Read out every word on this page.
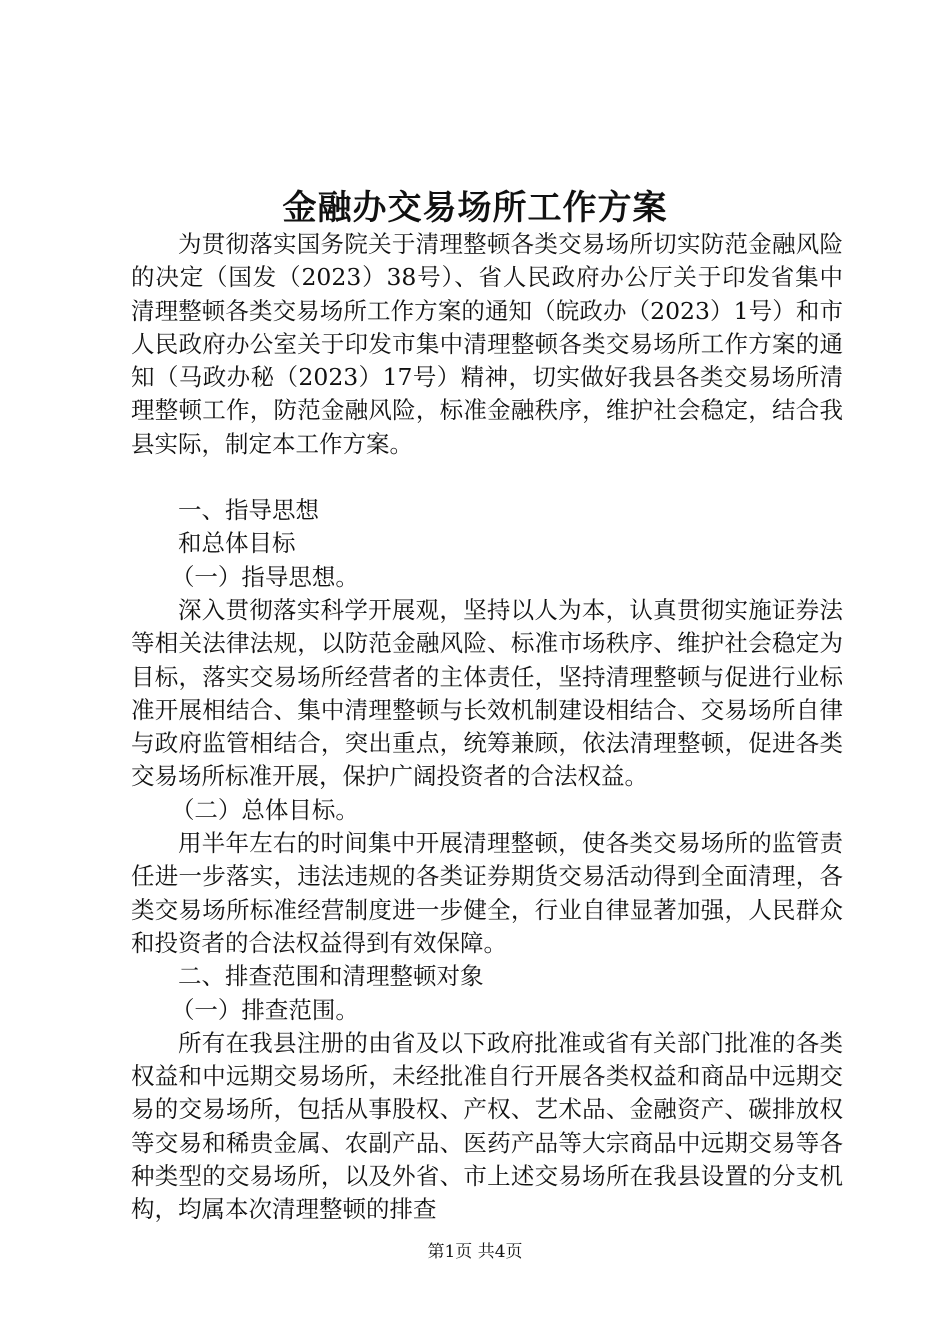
金融办交易场所工作方案

为贯彻落实国务院关于清理整顿各类交易场所切实防范金融风险的决定（国发（2023）38号）、省人民政府办公厅关于印发省集中清理整顿各类交易场所工作方案的通知（皖政办（2023）1号）和市人民政府办公室关于印发市集中清理整顿各类交易场所工作方案的通知（马政办秘（2023）17号）精神，切实做好我县各类交易场所清理整顿工作，防范金融风险，标准金融秩序，维护社会稳定，结合我县实际，制定本工作方案。

一、指导思想

和总体目标

（一）指导思想。

深入贯彻落实科学开展观，坚持以人为本，认真贯彻实施证券法等相关法律法规，以防范金融风险、标准市场秩序、维护社会稳定为目标，落实交易场所经营者的主体责任，坚持清理整顿与促进行业标准开展相结合、集中清理整顿与长效机制建设相结合、交易场所自律与政府监管相结合，突出重点，统筹兼顾，依法清理整顿，促进各类交易场所标准开展，保护广阔投资者的合法权益。

（二）总体目标。

用半年左右的时间集中开展清理整顿，使各类交易场所的监管责任进一步落实，违法违规的各类证券期货交易活动得到全面清理，各类交易场所标准经营制度进一步健全，行业自律显著加强，人民群众和投资者的合法权益得到有效保障。

二、排查范围和清理整顿对象

（一）排查范围。

所有在我县注册的由省及以下政府批准或省有关部门批准的各类权益和中远期交易场所，未经批准自行开展各类权益和商品中远期交易的交易场所，包括从事股权、产权、艺术品、金融资产、碳排放权等交易和稀贵金属、农副产品、医药产品等大宗商品中远期交易等各种类型的交易场所，以及外省、市上述交易场所在我县设置的分支机构，均属本次清理整顿的排查

第1页 共4页
